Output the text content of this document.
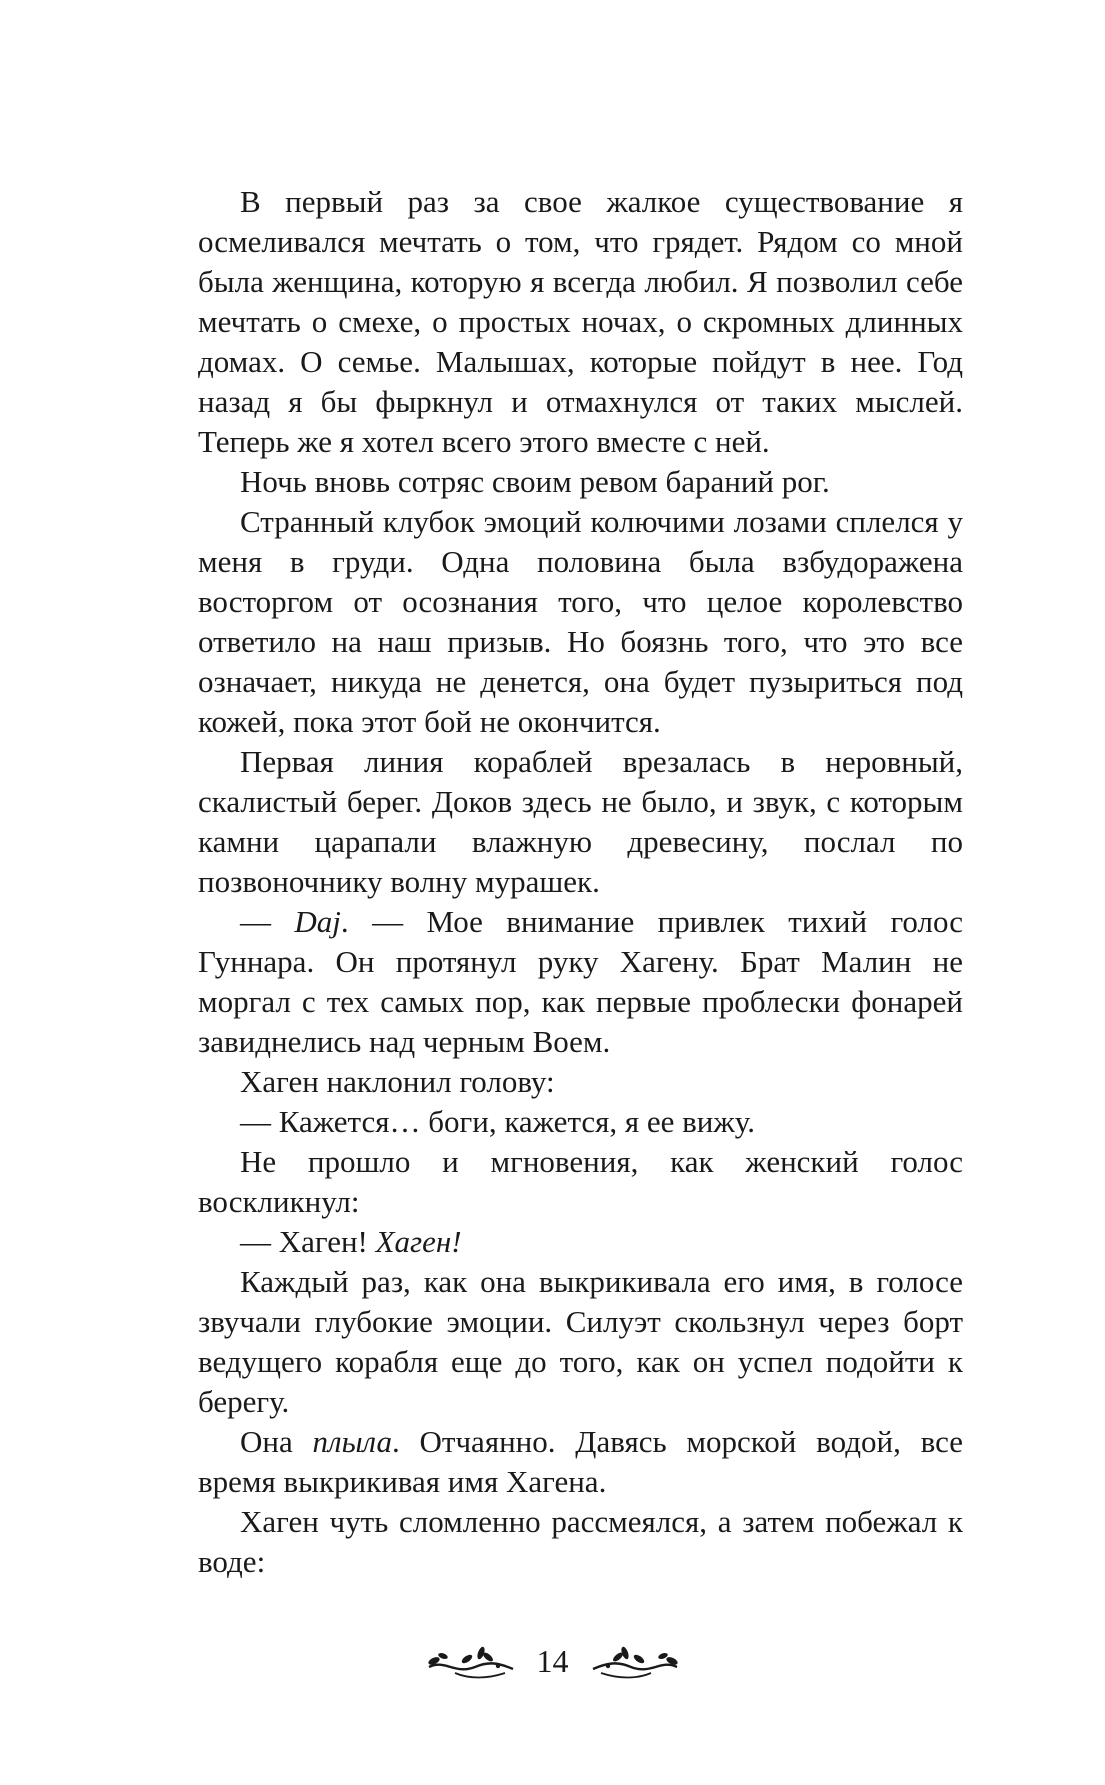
В первый раз за свое жалкое существование я осмеливался мечтать о том, что грядет. Рядом со мной была женщина, которую я всегда любил. Я позволил себе мечтать о смехе, о простых ночах, о скромных длинных домах. О семье. Малышах, которые пойдут в нее. Год назад я бы фыркнул и отмахнулся от таких мыслей. Теперь же я хотел всего этого вместе с ней.

Ночь вновь сотряс своим ревом бараний рог.

Странный клубок эмоций колючими лозами сплелся у меня в груди. Одна половина была взбудоражена восторгом от осознания того, что целое королевство ответило на наш призыв. Но боязнь того, что это все означает, никуда не денется, она будет пузыриться под кожей, пока этот бой не окончится.

Первая линия кораблей врезалась в неровный, скалистый берег. Доков здесь не было, и звук, с которым камни царапали влажную древесину, послал по позвоночнику волну мурашек.

— Daj. — Мое внимание привлек тихий голос Гуннара. Он протянул руку Хагену. Брат Малин не моргал с тех самых пор, как первые проблески фонарей завиднелись над черным Воем.

Хаген наклонил голову:

— Кажется… боги, кажется, я ее вижу.

Не прошло и мгновения, как женский голос воскликнул:

— Хаген! Хаген!

Каждый раз, как она выкрикивала его имя, в голосе звучали глубокие эмоции. Силуэт скользнул через борт ведущего корабля еще до того, как он успел подойти к берегу.

Она плыла. Отчаянно. Давясь морской водой, все время выкрикивая имя Хагена.

Хаген чуть сломленно рассмеялся, а затем побежал к воде:

14
